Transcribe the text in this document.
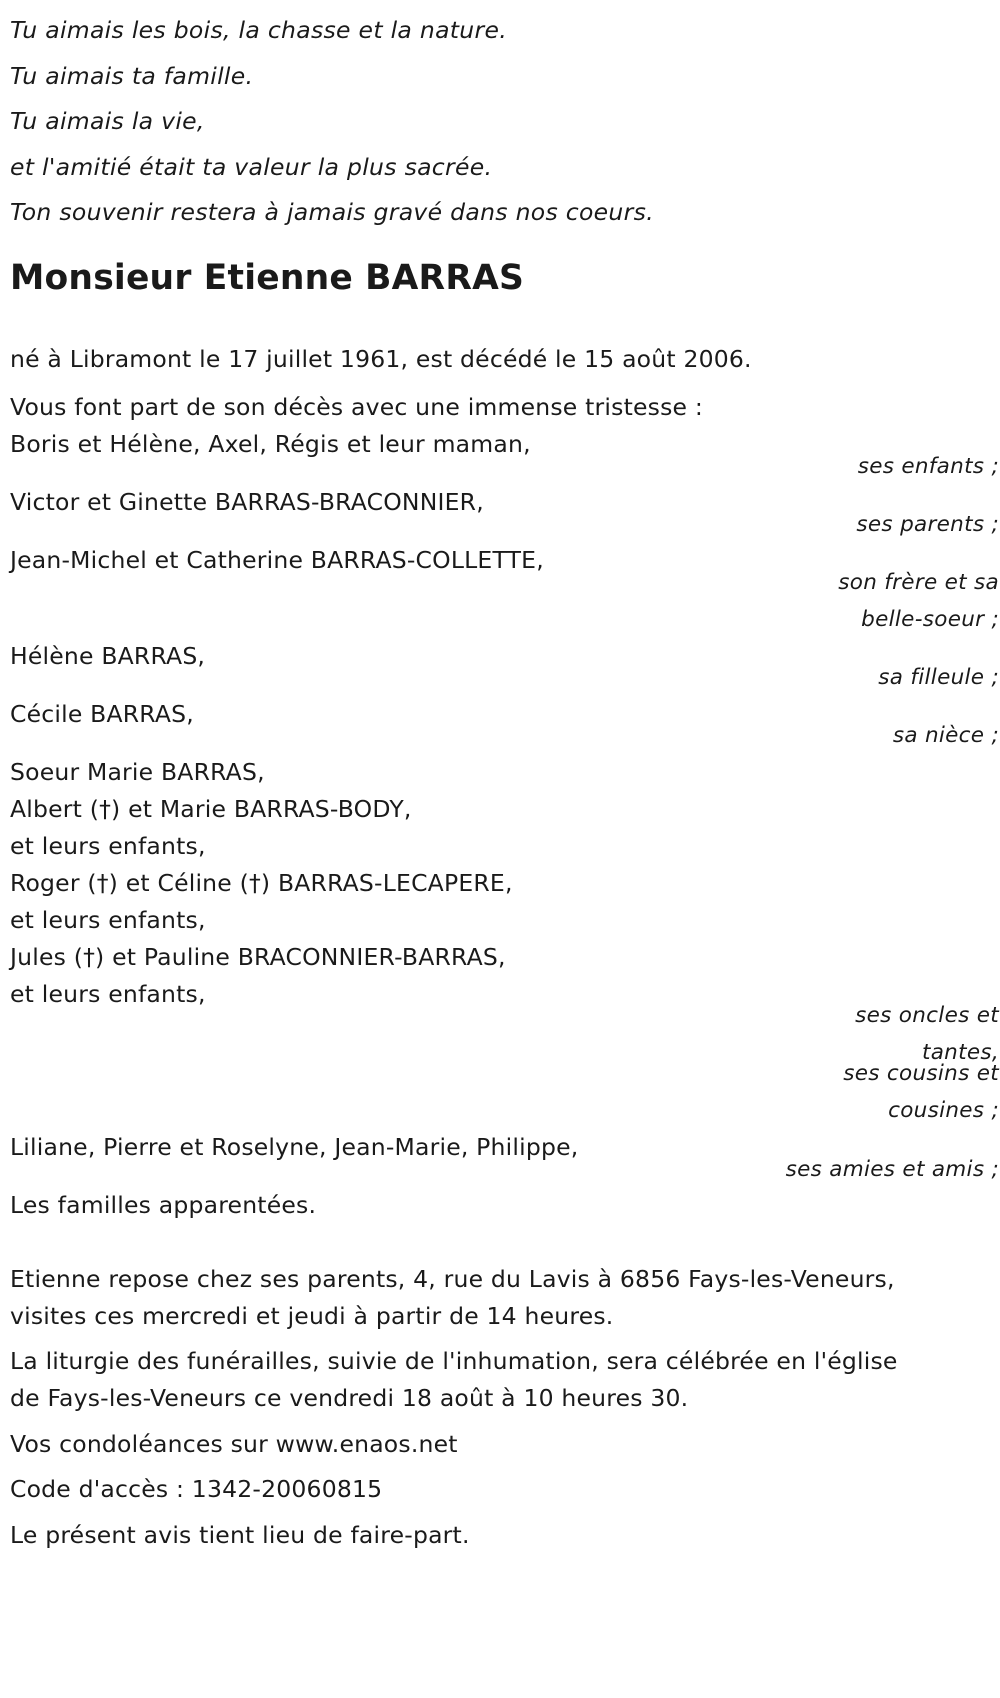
Tu aimais les bois, la chasse et la nature.

Tu aimais ta famille.

Tu aimais la vie,

et l'amitié était ta valeur la plus sacrée.

Ton souvenir restera à jamais gravé dans nos coeurs.

Monsieur Etienne BARRAS

né à Libramont le 17 juillet 1961, est décédé le 15 août 2006.

Vous font part de son décès avec une immense tristesse :

Boris et Hélène, Axel, Régis et leur maman,

ses enfants ;

Victor et Ginette BARRAS-BRACONNIER,

ses parents ;

Jean-Michel et Catherine BARRAS-COLLETTE,

son frère et sa

belle-soeur ;

Hélène BARRAS,

sa filleule ;

Cécile BARRAS,

sa nièce ;

Soeur Marie BARRAS,

Albert (†) et Marie BARRAS-BODY,

et leurs enfants,

Roger (†) et Céline (†) BARRAS-LECAPERE,

et leurs enfants,

Jules (†) et Pauline BRACONNIER-BARRAS,

et leurs enfants,

ses oncles et

tantes,

ses cousins et

cousines ;

Liliane, Pierre et Roselyne, Jean-Marie, Philippe,

ses amies et amis ;

Les familles apparentées.

Etienne repose chez ses parents, 4, rue du Lavis à 6856 Fays-les-Veneurs,

visites ces mercredi et jeudi à partir de 14 heures.

La liturgie des funérailles, suivie de l'inhumation, sera célébrée en l'église

de Fays-les-Veneurs ce vendredi 18 août à 10 heures 30.

Vos condoléances sur www.enaos.net

Code d'accès : 1342-20060815

Le présent avis tient lieu de faire-part.
